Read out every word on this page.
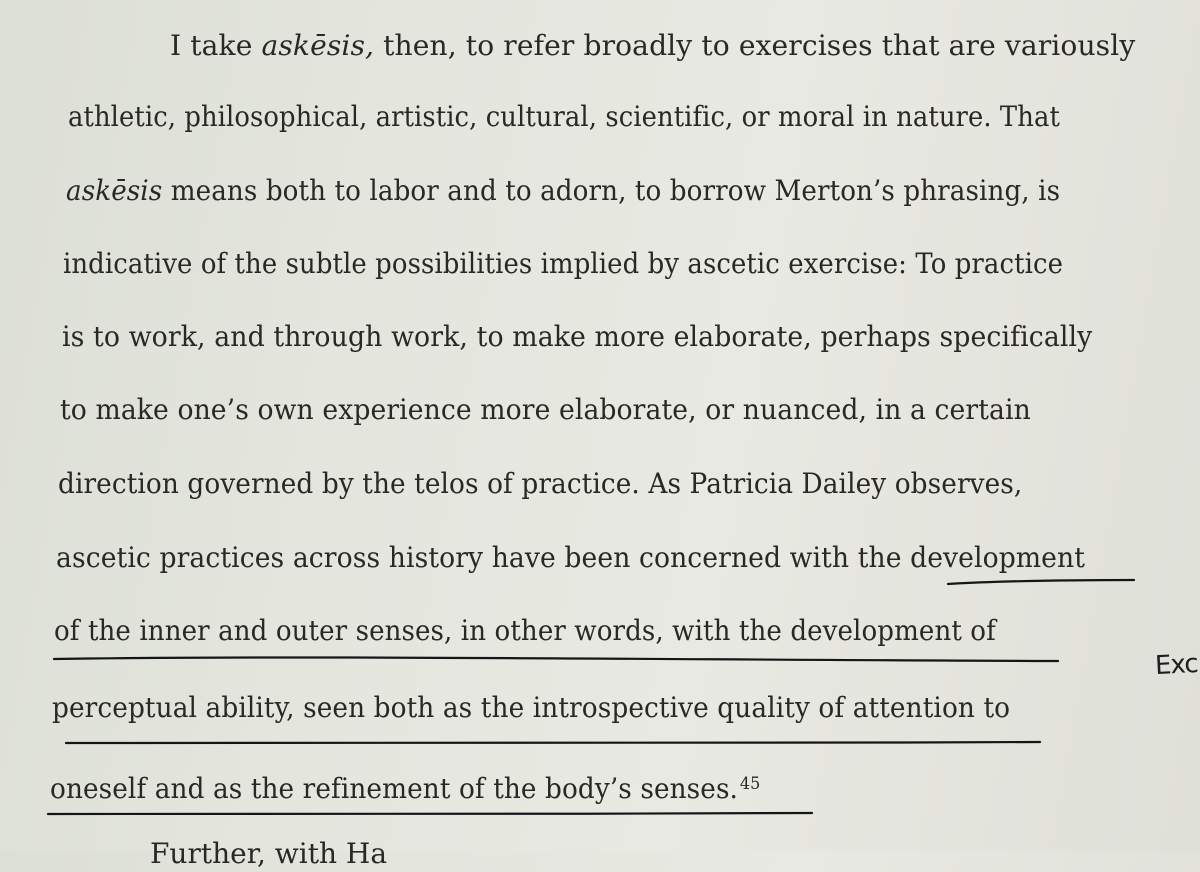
I take askēsis, then, to refer broadly to exercises that are variously
athletic, philosophical, artistic, cultural, scientific, or moral in nature. That
askēsis means both to labor and to adorn, to borrow Merton’s phrasing, is
indicative of the subtle possibilities implied by ascetic exercise: To practice
is to work, and through work, to make more elaborate, perhaps specifically
to make one’s own experience more elaborate, or nuanced, in a certain
direction governed by the telos of practice. As Patricia Dailey observes,
ascetic practices across history have been concerned with the development
of the inner and outer senses, in other words, with the development of
perceptual ability, seen both as the introspective quality of attention to
oneself and as the refinement of the body’s senses. $^{45}$
Further, with Ha
Exc
